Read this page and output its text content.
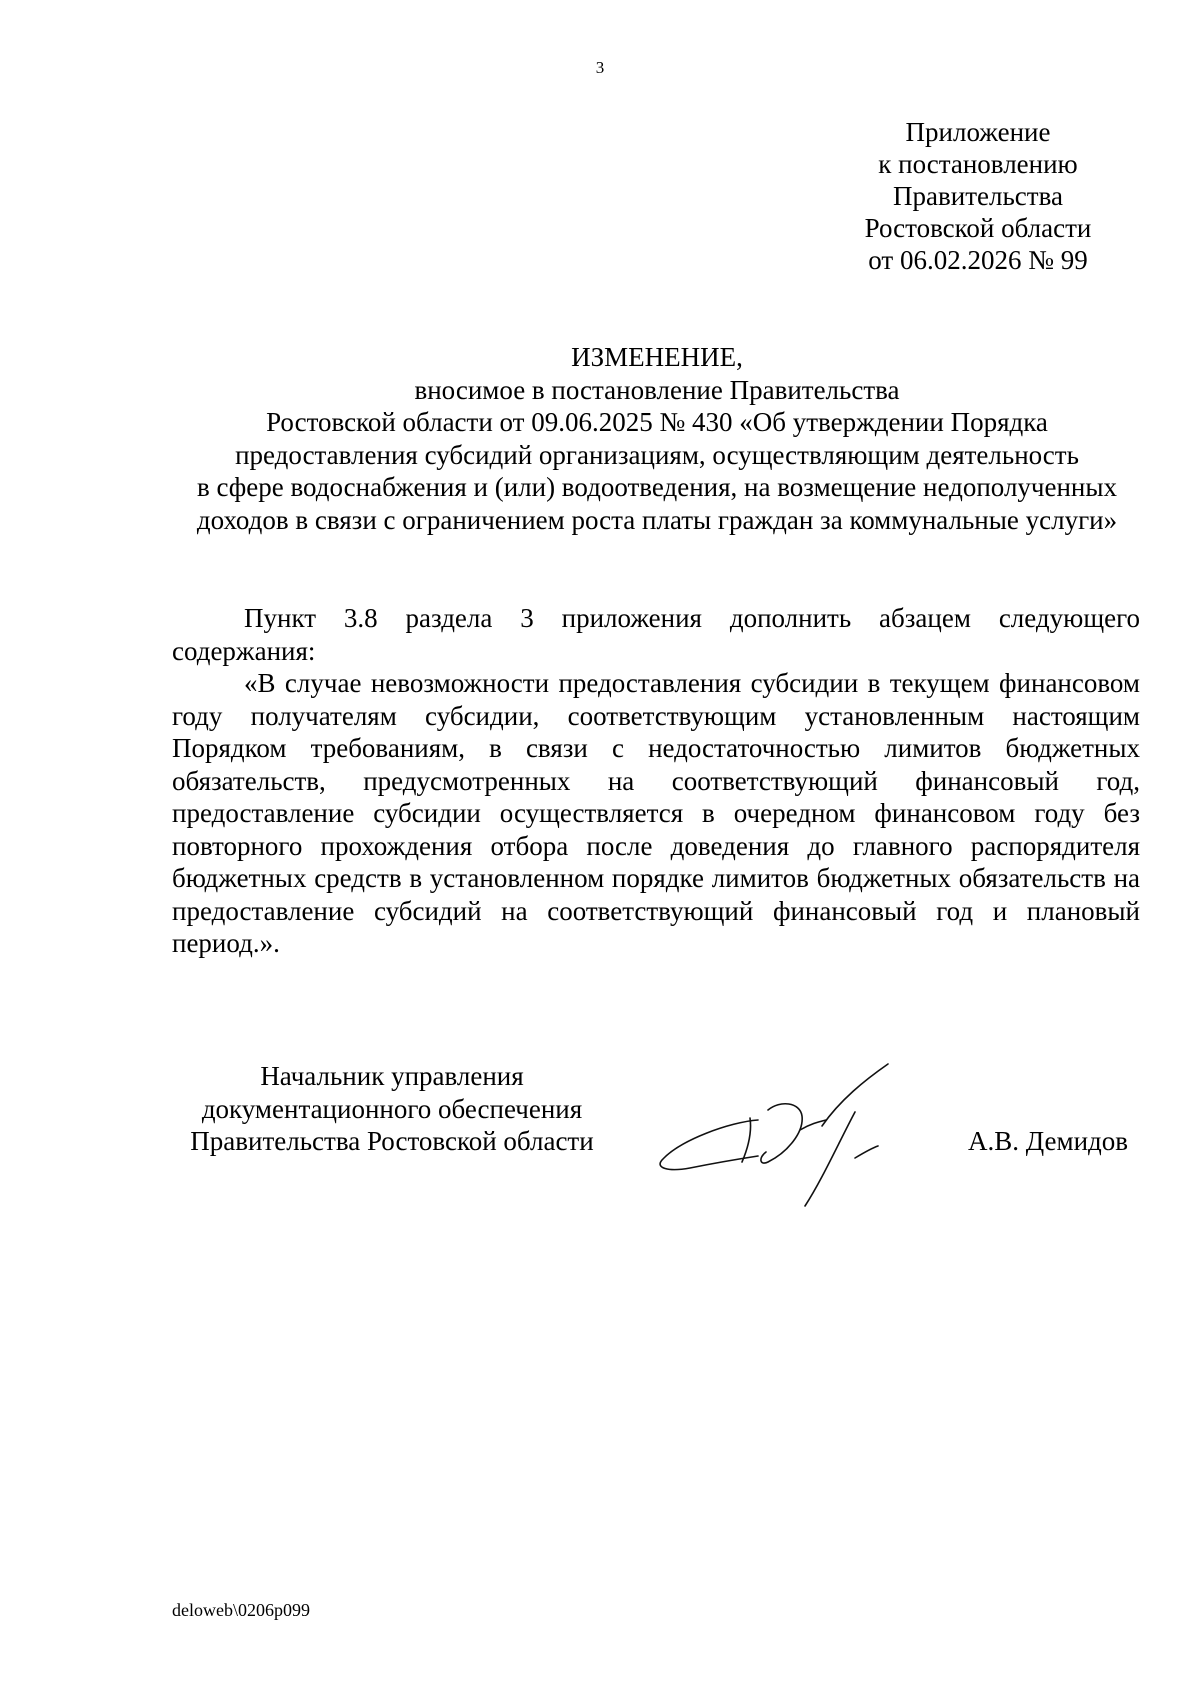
3
Приложение
к постановлению
Правительства
Ростовской области
от 06.02.2026 № 99
ИЗМЕНЕНИЕ,
вносимое в постановление Правительства
Ростовской области от 09.06.2025 № 430 «Об утверждении Порядка
предоставления субсидий организациям, осуществляющим деятельность
в сфере водоснабжения и (или) водоотведения, на возмещение недополученных
доходов в связи с ограничением роста платы граждан за коммунальные услуги»

Пункт 3.8 раздела 3 приложения дополнить абзацем следующего содержания:

«В случае невозможности предоставления субсидии в текущем финансовом году получателям субсидии, соответствующим установленным настоящим Порядком требованиям, в связи с недостаточностью лимитов бюджетных обязательств, предусмотренных на соответствующий финансовый год, предоставление субсидии осуществляется в очередном финансовом году без повторного прохождения отбора после доведения до главного распорядителя бюджетных средств в установленном порядке лимитов бюджетных обязательств на предоставление субсидий на соответствующий финансовый год и плановый период.».

Начальник управления
документационного обеспечения
Правительства Ростовской области	А.В. Демидов
deloweb\0206p099
